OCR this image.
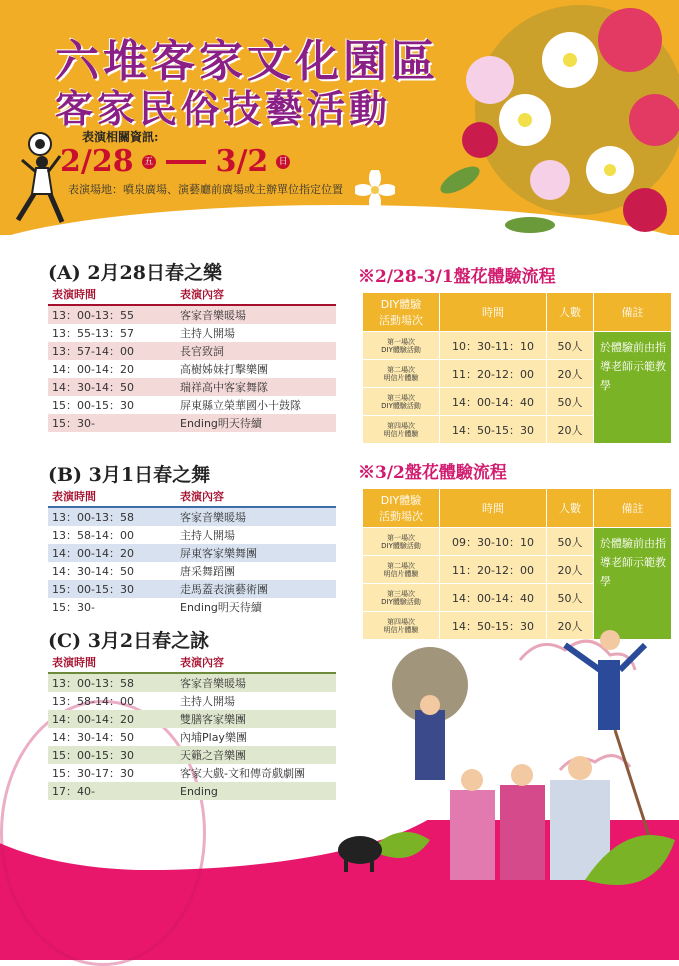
六堆客家文化園區
客家民俗技藝活動
表演相關資訊:
2/28 五 3/2 日
表演場地：噴泉廣場、演藝廳前廣場或主辦單位指定位置
(A) 2月28日春之樂
表演時間	表演內容
13：00-13：55	客家音樂暖場
13：55-13：57	主持人開場
13：57-14：00	長官致詞
14：00-14：20	高樹姊妹打擊樂團
14：30-14：50	瑞祥高中客家舞隊
15：00-15：30	屏東縣立榮華國小十鼓隊
15：30-	Ending明天待續
(B) 3月1日春之舞
表演時間	表演內容
13：00-13：58	客家音樂暖場
13：58-14：00	主持人開場
14：00-14：20	屏東客家樂舞團
14：30-14：50	唐采舞蹈團
15：00-15：30	走馬蓋表演藝術團
15：30-	Ending明天待續
(C) 3月2日春之詠
表演時間	表演內容
13：00-13：58	客家音樂暖場
13：58-14：00	主持人開場
14：00-14：20	雙膳客家樂團
14：30-14：50	內埔Play樂團
15：00-15：30	天籟之音樂團
15：30-17：30	客家大戲-文和傳奇戲劇團
17：40-	Ending
※2/28-3/1盤花體驗流程
DIY體驗
活動場次	時間	人數	備註
第一場次
DIY體驗活動	10：30-11：10	50人	於體驗前由指導老師示範教學
第二場次
明信片體驗	11：20-12：00	20人	
第三場次
DIY體驗活動	14：00-14：40	50人	
第四場次
明信片體驗	14：50-15：30	20人	
※3/2盤花體驗流程
DIY體驗
活動場次	時間	人數	備註
第一場次
DIY體驗活動	09：30-10：10	50人	於體驗前由指導老師示範教學
第二場次
明信片體驗	11：20-12：00	20人	
第三場次
DIY體驗活動	14：00-14：40	50人	
第四場次
明信片體驗	14：50-15：30	20人	
